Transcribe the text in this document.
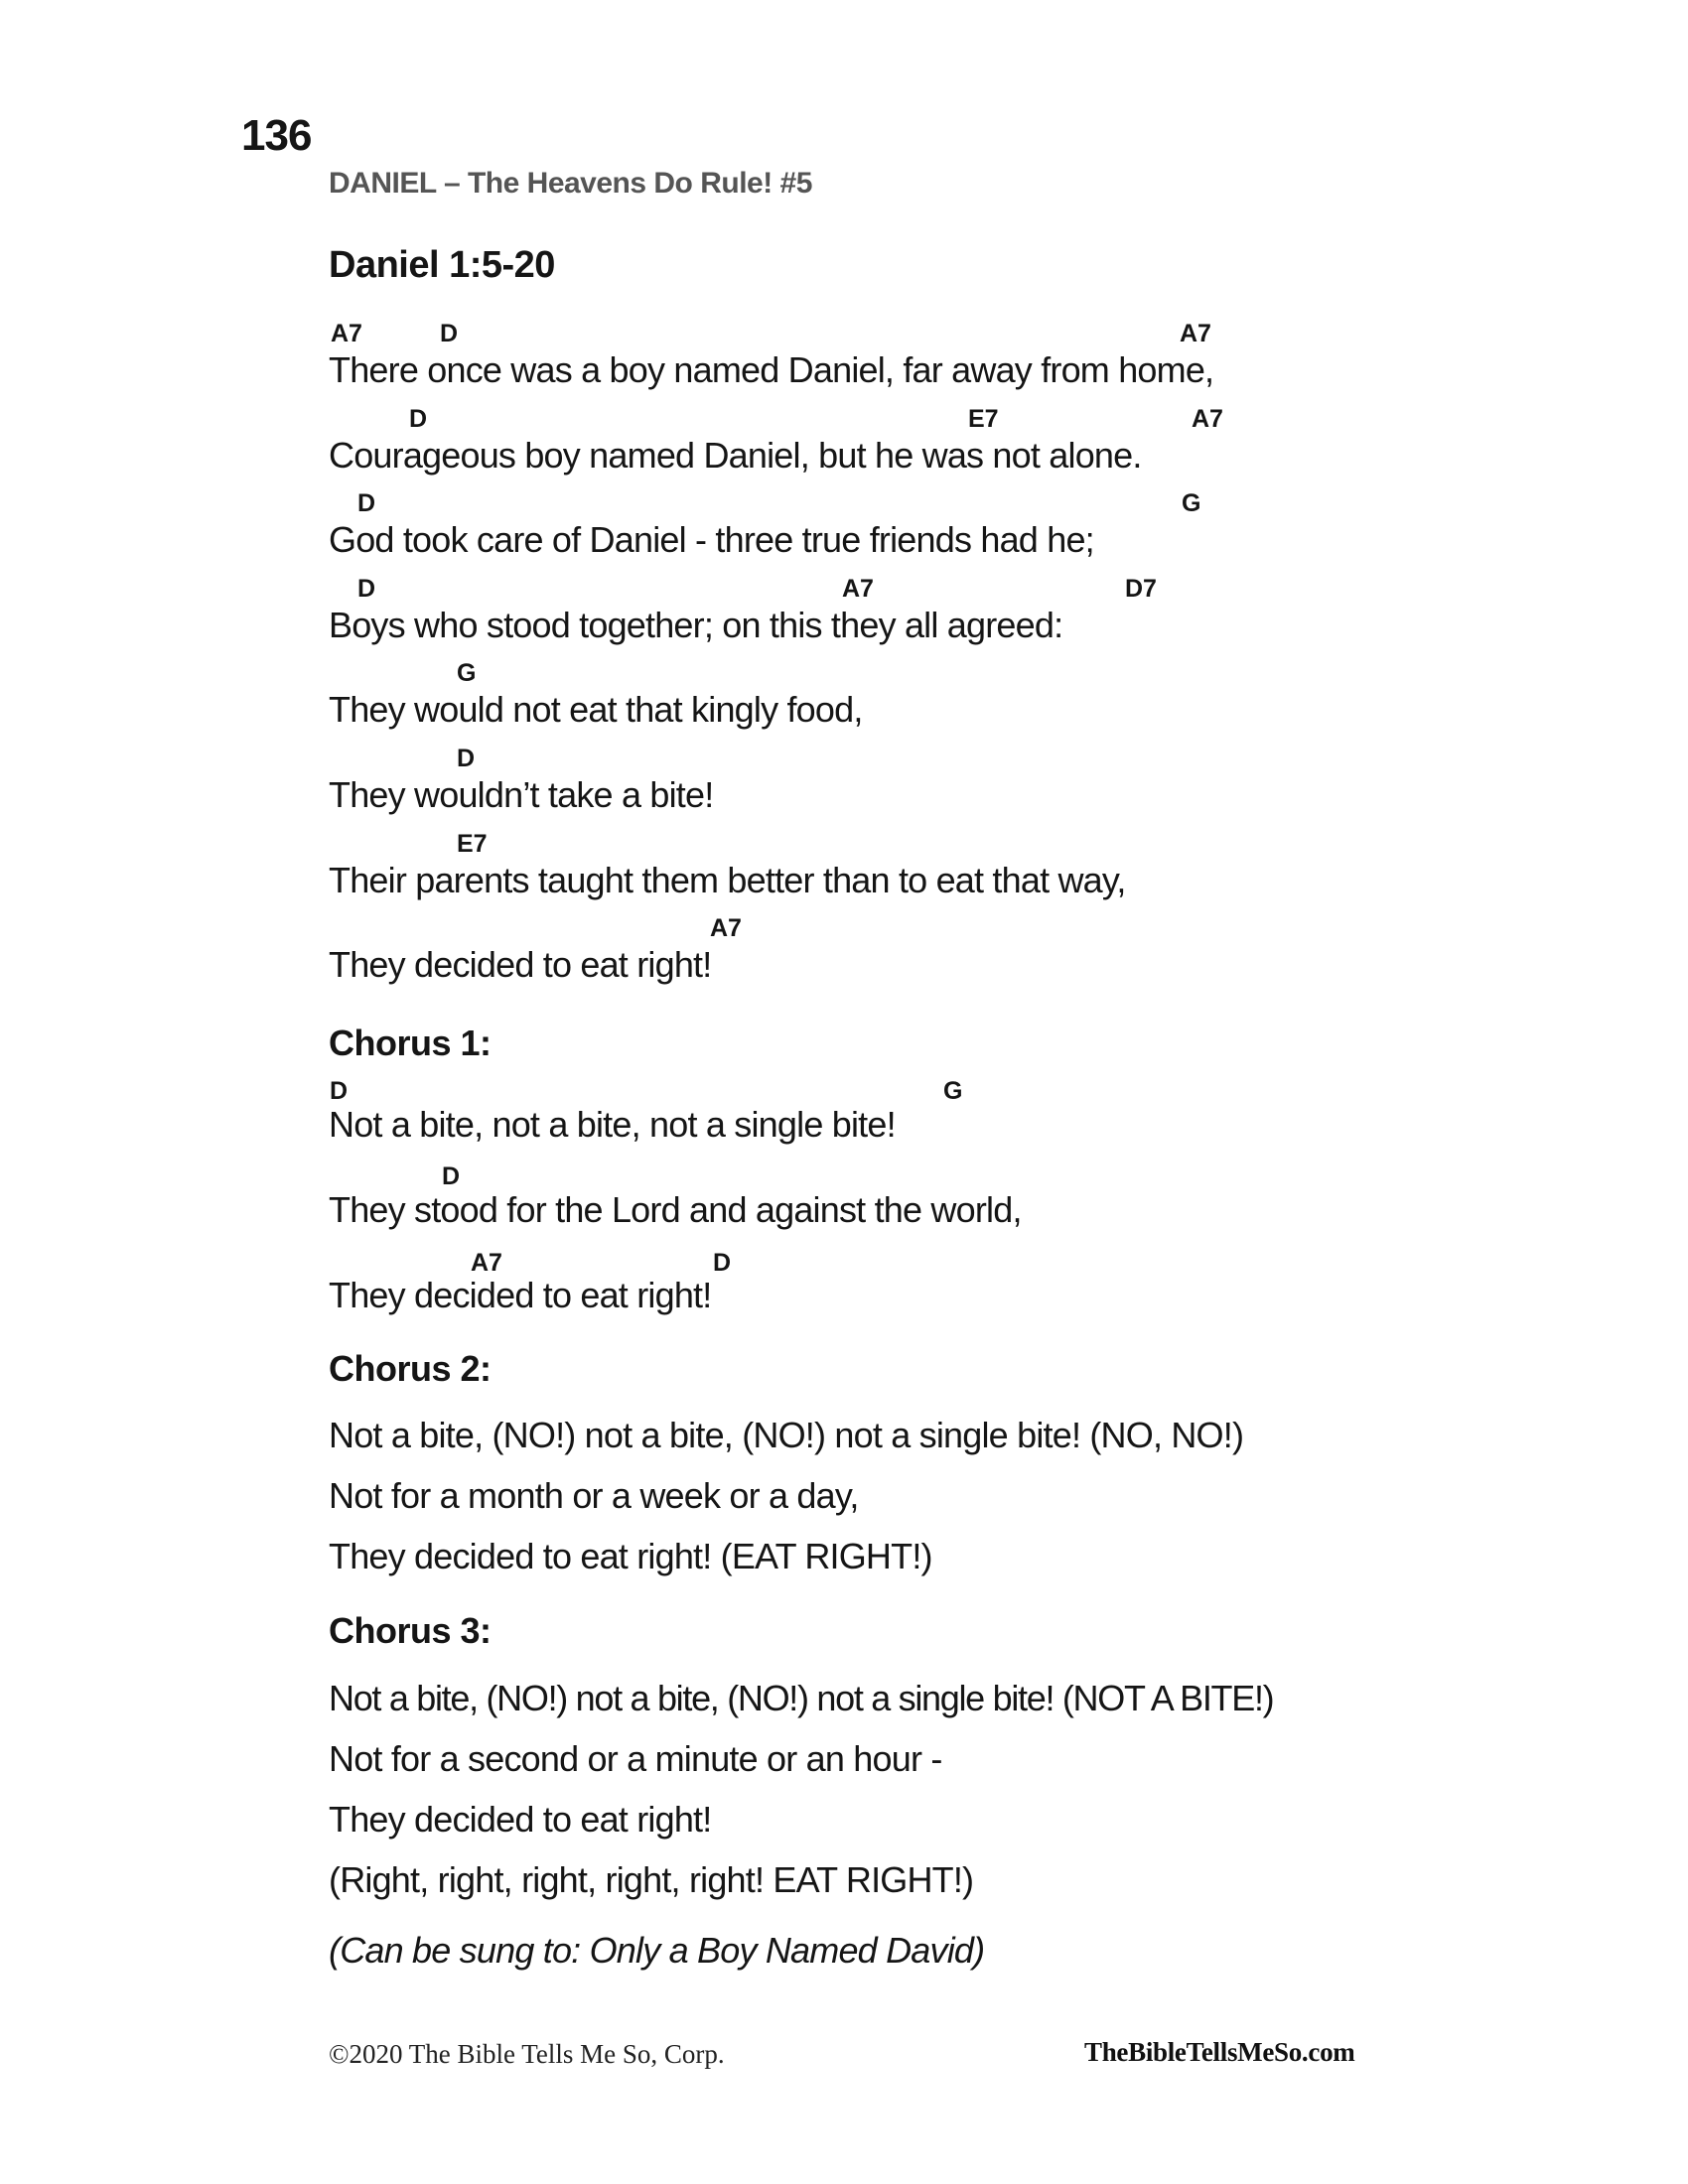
136
DANIEL – The Heavens Do Rule! #5
Daniel 1:5-20
A7	D	A7
There once was a boy named Daniel, far away from home,
D	E7	A7
Courageous boy named Daniel, but he was not alone.
D	G
God took care of Daniel - three true friends had he;
D	A7	D7
Boys who stood together; on this they all agreed:
G
They would not eat that kingly food,
D
They wouldn’t take a bite!
E7
Their parents taught them better than to eat that way,
A7
They decided to eat right!
Chorus 1:
D	G
Not a bite, not a bite, not a single bite!
D
They stood for the Lord and against the world,
A7	D
They decided to eat right!
Chorus 2:
Not a bite, (NO!) not a bite, (NO!) not a single bite! (NO, NO!)
Not for a month or a week or a day,
They decided to eat right! (EAT RIGHT!)
Chorus 3:
Not a bite, (NO!) not a bite, (NO!) not a single bite! (NOT A BITE!)
Not for a second or a minute or an hour -
They decided to eat right!
(Right, right, right, right, right! EAT RIGHT!)
(Can be sung to: Only a Boy Named David)
©2020 The Bible Tells Me So, Corp.	TheBibleTellsMeSo.com
